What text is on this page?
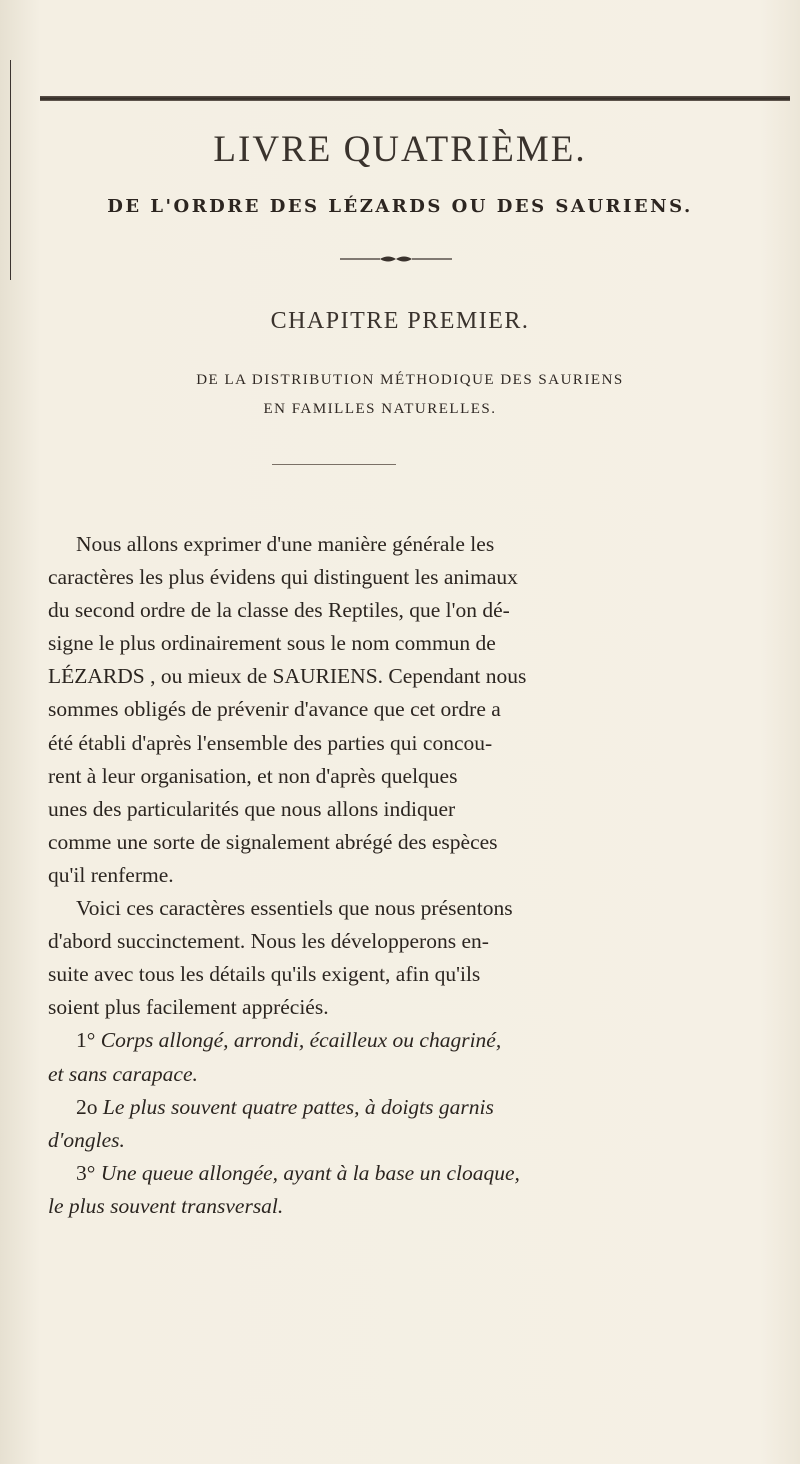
LIVRE QUATRIÈME.
DE L'ORDRE DES LÉZARDS OU DES SAURIENS.
CHAPITRE PREMIER.
DE LA DISTRIBUTION MÉTHODIQUE DES SAURIENS
EN FAMILLES NATURELLES.
Nous allons exprimer d'une manière générale les
caractères les plus évidens qui distinguent les animaux
du second ordre de la classe des Reptiles, que l'on dé-
signe le plus ordinairement sous le nom commun de
LÉZARDS , ou mieux de SAURIENS. Cependant nous
sommes obligés de prévenir d'avance que cet ordre a
été établi d'après l'ensemble des parties qui concou-
rent à leur organisation, et non d'après quelques
unes des particularités que nous allons indiquer
comme une sorte de signalement abrégé des espèces
qu'il renferme.
Voici ces caractères essentiels que nous présentons
d'abord succinctement. Nous les développerons en-
suite avec tous les détails qu'ils exigent, afin qu'ils
soient plus facilement appréciés.
1° Corps allongé, arrondi, écailleux ou chagriné,
et sans carapace.
2o Le plus souvent quatre pattes, à doigts garnis
d'ongles.
3° Une queue allongée, ayant à la base un cloaque,
le plus souvent transversal.
